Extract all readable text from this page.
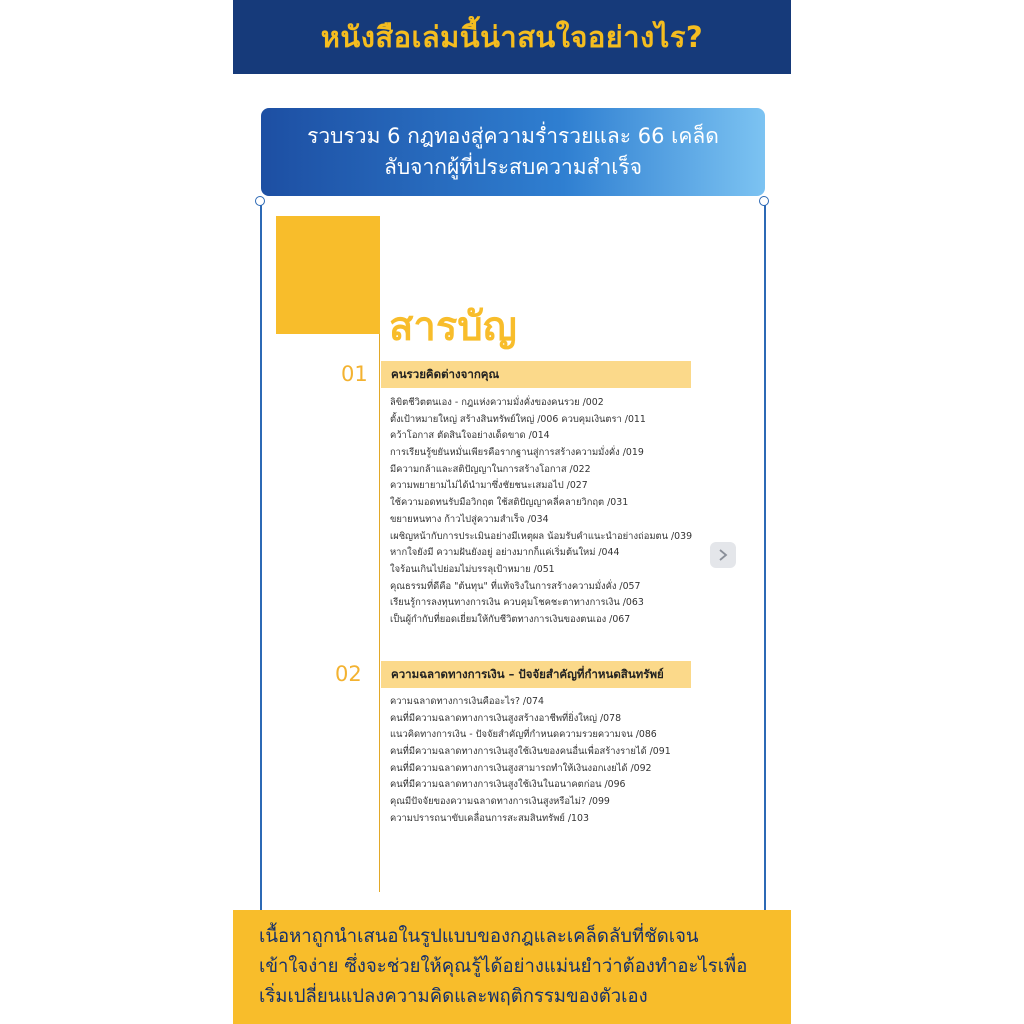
หนังสือเล่มนี้น่าสนใจอย่างไร?
รวบรวม 6 กฎทองสู่ความร่ำรวยและ 66 เคล็ด
ลับจากผู้ที่ประสบความสำเร็จ
สารบัญ
01 คนรวยคิดต่างจากคุณ
ลิขิตชีวิตตนเอง - กฎแห่งความมั่งคั่งของคนรวย /002
ตั้งเป้าหมายใหญ่ สร้างสินทรัพย์ใหญ่ /006 ควบคุมเงินตรา /011
คว้าโอกาส ตัดสินใจอย่างเด็ดขาด /014
การเรียนรู้ขยันหมั่นเพียรคือรากฐานสู่การสร้างความมั่งคั่ง /019
มีความกล้าและสติปัญญาในการสร้างโอกาส /022
ความพยายามไม่ได้นำมาซึ่งชัยชนะเสมอไป /027
ใช้ความอดทนรับมือวิกฤต ใช้สติปัญญาคลี่คลายวิกฤต /031
ขยายหนทาง ก้าวไปสู่ความสำเร็จ /034
เผชิญหน้ากับการประเมินอย่างมีเหตุผล น้อมรับคำแนะนำอย่างถ่อมตน /039
หากใจยังมี ความฝันยังอยู่ อย่างมากก็แค่เริ่มต้นใหม่ /044
ใจร้อนเกินไปย่อมไม่บรรลุเป้าหมาย /051
คุณธรรมที่ดีคือ "ต้นทุน" ที่แท้จริงในการสร้างความมั่งคั่ง /057
เรียนรู้การลงทุนทางการเงิน ควบคุมโชคชะตาทางการเงิน /063
เป็นผู้กำกับที่ยอดเยี่ยมให้กับชีวิตทางการเงินของตนเอง /067
02	ความฉลาดทางการเงิน – ปัจจัยสำคัญที่กำหนดสินทรัพย์
ความฉลาดทางการเงินคืออะไร? /074
คนที่มีความฉลาดทางการเงินสูงสร้างอาชีพที่ยิ่งใหญ่ /078
แนวคิดทางการเงิน - ปัจจัยสำคัญที่กำหนดความรวยความจน /086
คนที่มีความฉลาดทางการเงินสูงใช้เงินของคนอื่นเพื่อสร้างรายได้ /091
คนที่มีความฉลาดทางการเงินสูงสามารถทำให้เงินงอกเงยได้ /092
คนที่มีความฉลาดทางการเงินสูงใช้เงินในอนาคตก่อน /096
คุณมีปัจจัยของความฉลาดทางการเงินสูงหรือไม่? /099
ความปรารถนาขับเคลื่อนการสะสมสินทรัพย์ /103

เนื้อหาถูกนำเสนอในรูปแบบของกฎและเคล็ดลับที่ชัดเจน

เข้าใจง่าย ซึ่งจะช่วยให้คุณรู้ได้อย่างแม่นยำว่าต้องทำอะไรเพื่อ

เริ่มเปลี่ยนแปลงความคิดและพฤติกรรมของตัวเอง
